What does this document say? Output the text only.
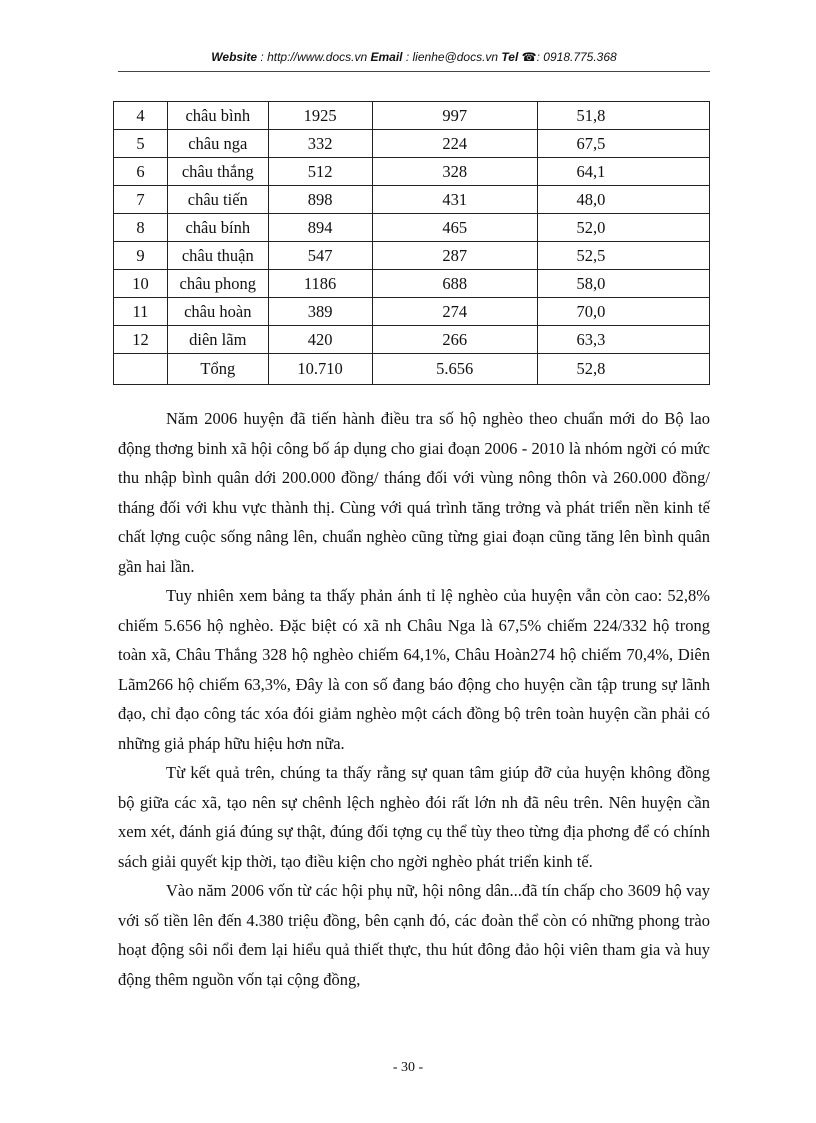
Website : http://www.docs.vn Email : lienhe@docs.vn Tel ☎: 0918.775.368
4	châu bình	1925	997	51,8
5	châu nga	332	224	67,5
6	châu thắng	512	328	64,1
7	châu tiến	898	431	48,0
8	châu bính	894	465	52,0
9	châu thuận	547	287	52,5
10	châu phong	1186	688	58,0
11	châu hoàn	389	274	70,0
12	diên lãm	420	266	63,3
	Tổng	10.710	5.656	52,8

Năm 2006 huyện đã tiến hành điều tra số hộ nghèo theo chuẩn mới do Bộ lao động thơng binh xã hội công bố áp dụng cho giai đoạn 2006 - 2010 là nhóm ngời có mức thu nhập bình quân dới 200.000 đồng/ tháng đối với vùng nông thôn và 260.000 đồng/ tháng đối với khu vực thành thị. Cùng với quá trình tăng trởng và phát triển nền kinh tế chất lợng cuộc sống nâng lên, chuẩn nghèo cũng từng giai đoạn cũng tăng lên bình quân gần hai lần.

Tuy nhiên xem bảng ta thấy phản ánh tỉ lệ nghèo của huyện vẫn còn cao: 52,8% chiếm 5.656 hộ nghèo. Đặc biệt có xã nh Châu Nga là 67,5% chiếm 224/332 hộ trong toàn xã, Châu Thắng 328 hộ nghèo chiếm 64,1%, Châu Hoàn274 hộ chiếm 70,4%, Diên Lãm266 hộ chiếm 63,3%, Đây là con số đang báo động cho huyện cần tập trung sự lãnh đạo, chỉ đạo công tác xóa đói giảm nghèo một cách đồng bộ trên toàn huyện cần phải có những giả pháp hữu hiệu hơn nữa.

Từ kết quả trên, chúng ta thấy rằng sự quan tâm giúp đỡ của huyện không đồng bộ giữa các xã, tạo nên sự chênh lệch nghèo đói rất lớn nh đã nêu trên. Nên huyện cần xem xét, đánh giá đúng sự thật, đúng đối tợng cụ thể tùy theo từng địa phơng để có chính sách giải quyết kịp thời, tạo điều kiện cho ngời nghèo phát triển kinh tế.

Vào năm 2006 vốn từ các hội phụ nữ, hội nông dân...đã tín chấp cho 3609 hộ vay với số tiền lên đến 4.380 triệu đồng, bên cạnh đó, các đoàn thể còn có những phong trào hoạt động sôi nổi đem lại hiểu quả thiết thực, thu hút đông đảo hội viên tham gia và huy động thêm nguồn vốn tại cộng đồng,

- 30 -
